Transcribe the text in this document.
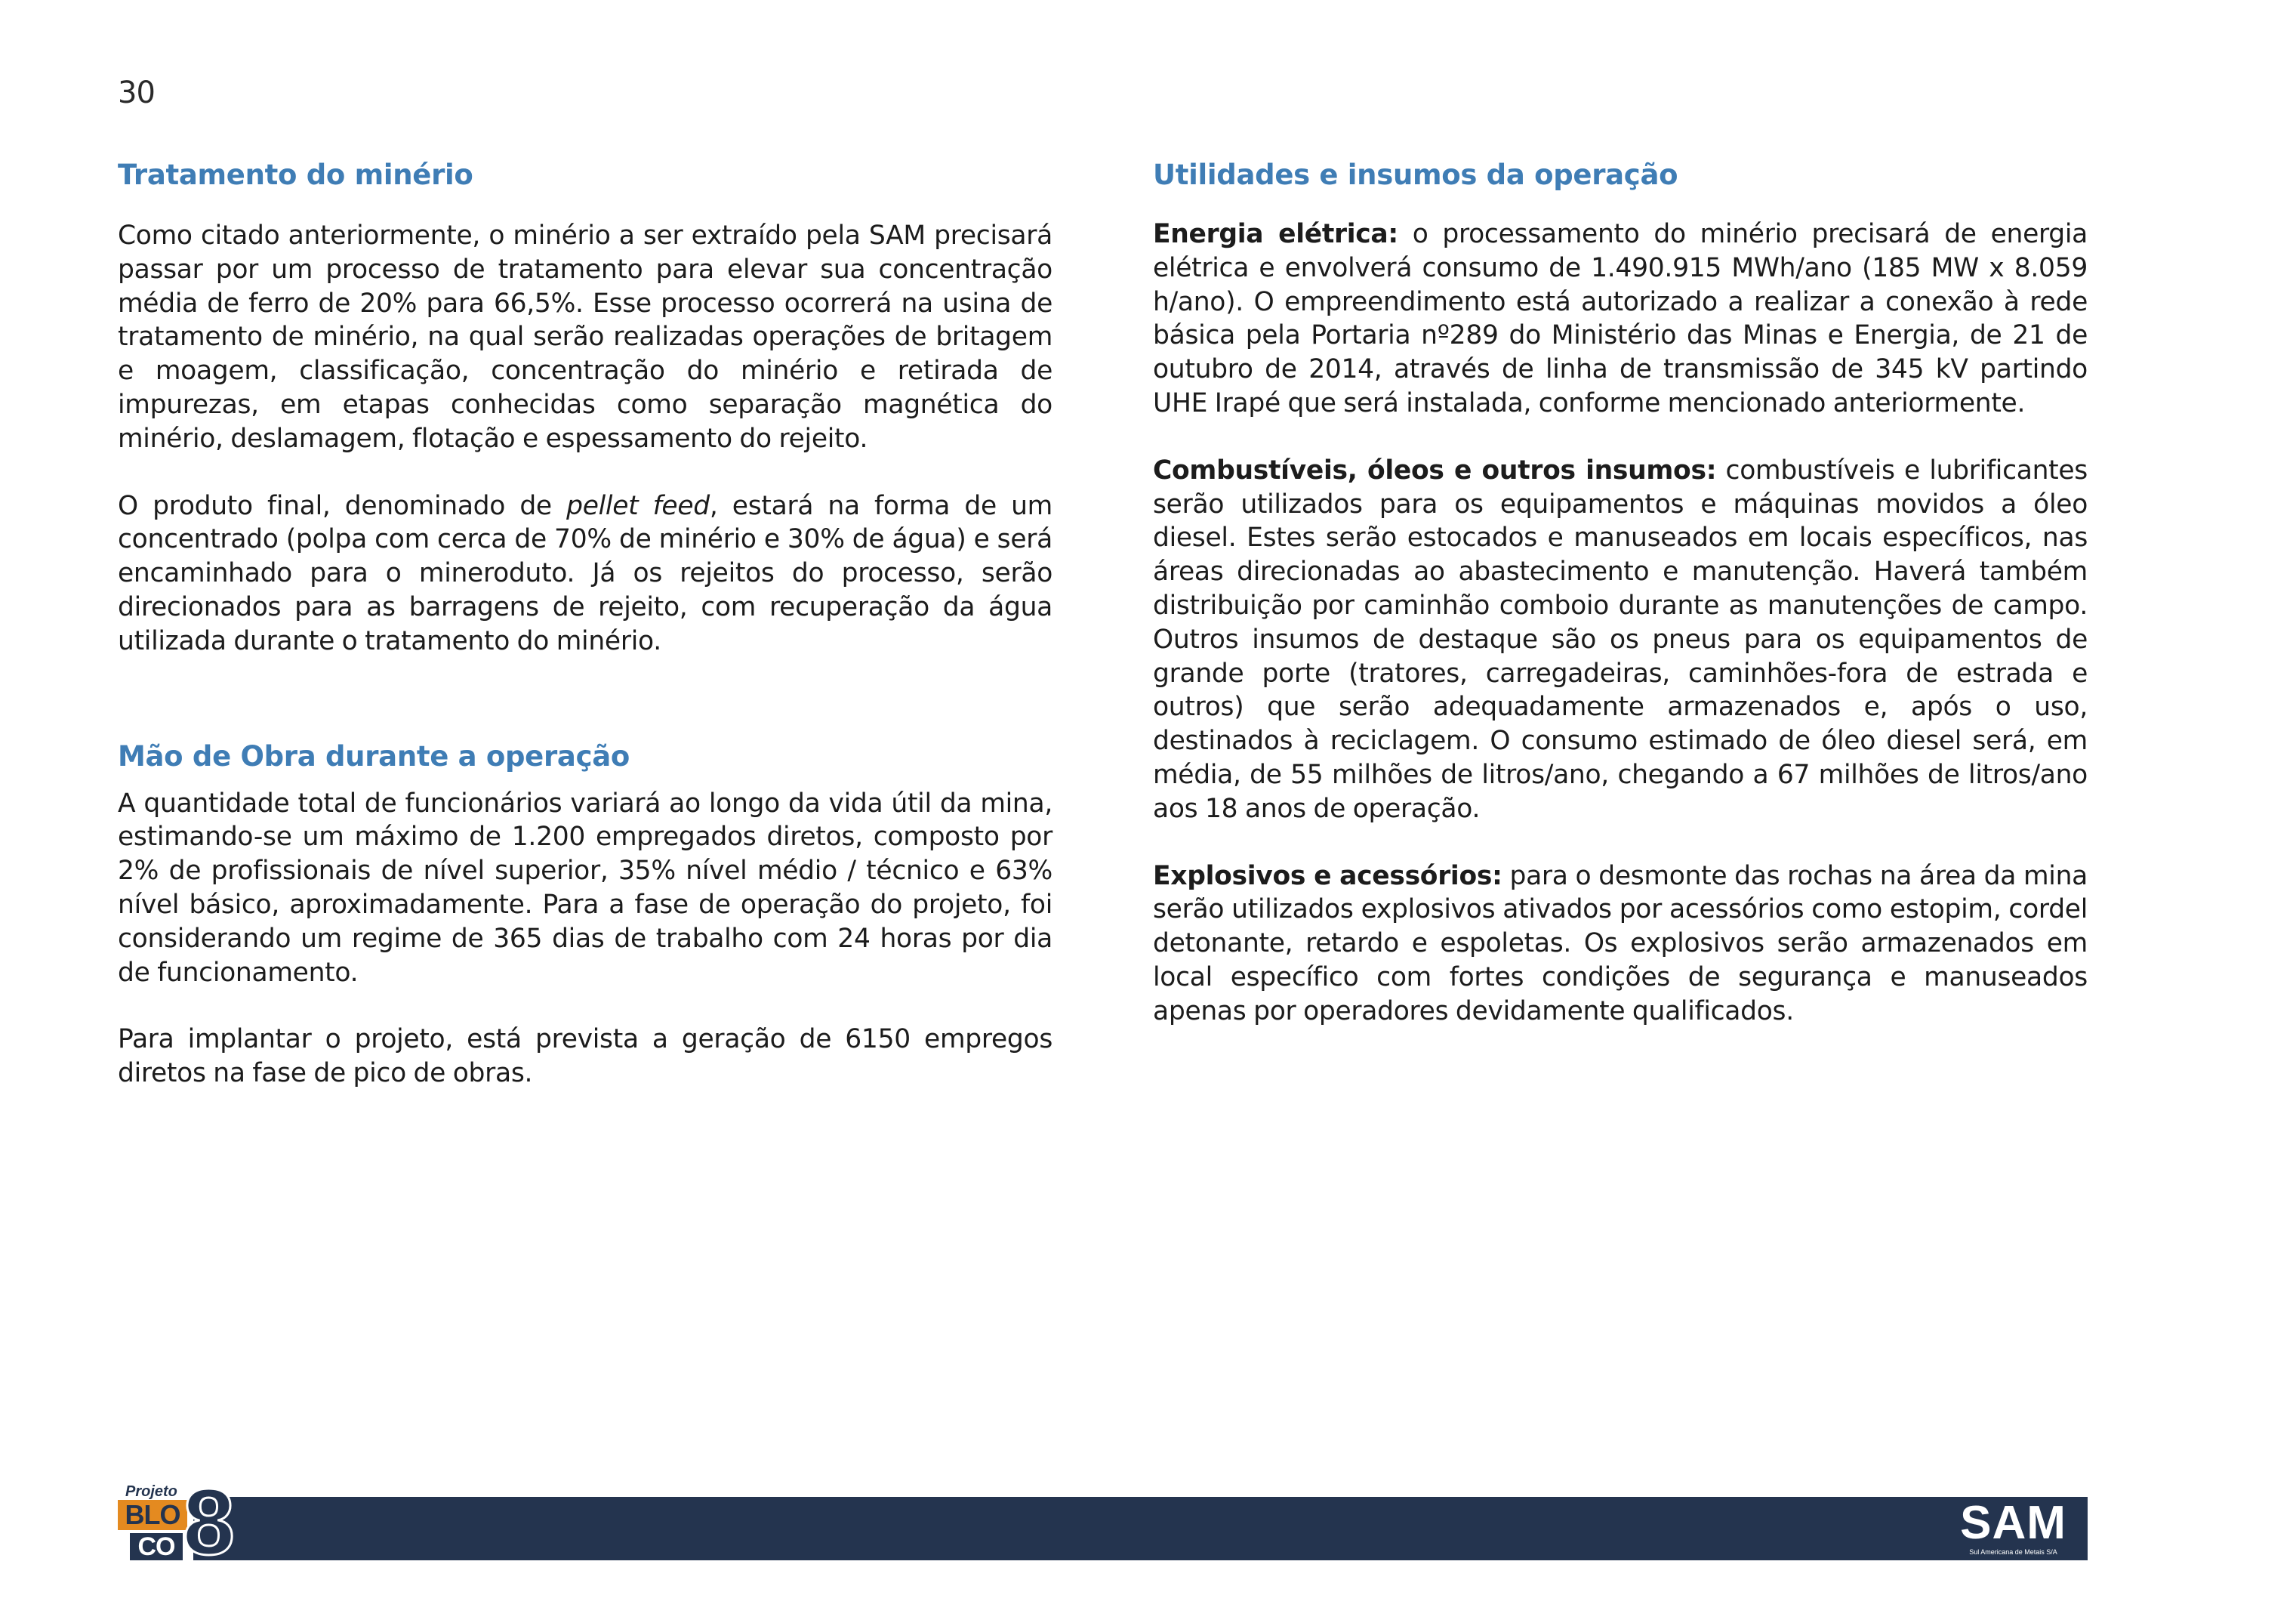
30
Tratamento do minério

Como citado anteriormente, o minério a ser extraído pela SAM precisará passar por um processo de tratamento para elevar sua concentração média de ferro de 20% para 66,5%. Esse processo ocorrerá na usina de tratamento de minério, na qual serão realizadas operações de britagem e moagem, classificação, concentração do minério e retirada de impurezas, em etapas conhecidas como separação magnética do minério, deslamagem, flotação e espessamento do rejeito.

O produto final, denominado de pellet feed, estará na forma de um concentrado (polpa com cerca de 70% de minério e 30% de água) e será encaminhado para o mineroduto. Já os rejeitos do processo, serão direcionados para as barragens de rejeito, com recuperação da água utilizada durante o tratamento do minério.

Mão de Obra durante a operação

A quantidade total de funcionários variará ao longo da vida útil da mina, estimando-se um máximo de 1.200 empregados diretos, composto por 2% de profissionais de nível superior, 35% nível médio / técnico e 63% nível básico, aproximadamente. Para a fase de operação do projeto, foi considerando um regime de 365 dias de trabalho com 24 horas por dia de funcionamento.

Para implantar o projeto, está prevista a geração de 6150 empregos diretos na fase de pico de obras.

Utilidades e insumos da operação

Energia elétrica: o processamento do minério precisará de energia elétrica e envolverá consumo de 1.490.915 MWh/ano (185 MW x 8.059 h/ano). O empreendimento está autorizado a realizar a conexão à rede básica pela Portaria nº289 do Ministério das Minas e Energia, de 21 de outubro de 2014, através de linha de transmissão de 345 kV partindo UHE Irapé que será instalada, conforme mencionado anteriormente.

Combustíveis, óleos e outros insumos: combustíveis e lubrificantes serão utilizados para os equipamentos e máquinas movidos a óleo diesel. Estes serão estocados e manuseados em locais específicos, nas áreas direcionadas ao abastecimento e manutenção. Haverá também distribuição por caminhão comboio durante as manutenções de campo. Outros insumos de destaque são os pneus para os equipamentos de grande porte (tratores, carregadeiras, caminhões-fora de estrada e outros) que serão adequadamente armazenados e, após o uso, destinados à reciclagem. O consumo estimado de óleo diesel será, em média, de 55 milhões de litros/ano, chegando a 67 milhões de litros/ano aos 18 anos de operação.

Explosivos e acessórios: para o desmonte das rochas na área da mina serão utilizados explosivos ativados por acessórios como estopim, cordel detonante, retardo e espoletas. Os explosivos serão armazenados em local específico com fortes condições de segurança e manuseados apenas por operadores devidamente qualificados.

Projeto
BLO
CO 8	SAM
Sul Americana de Metais S/A
